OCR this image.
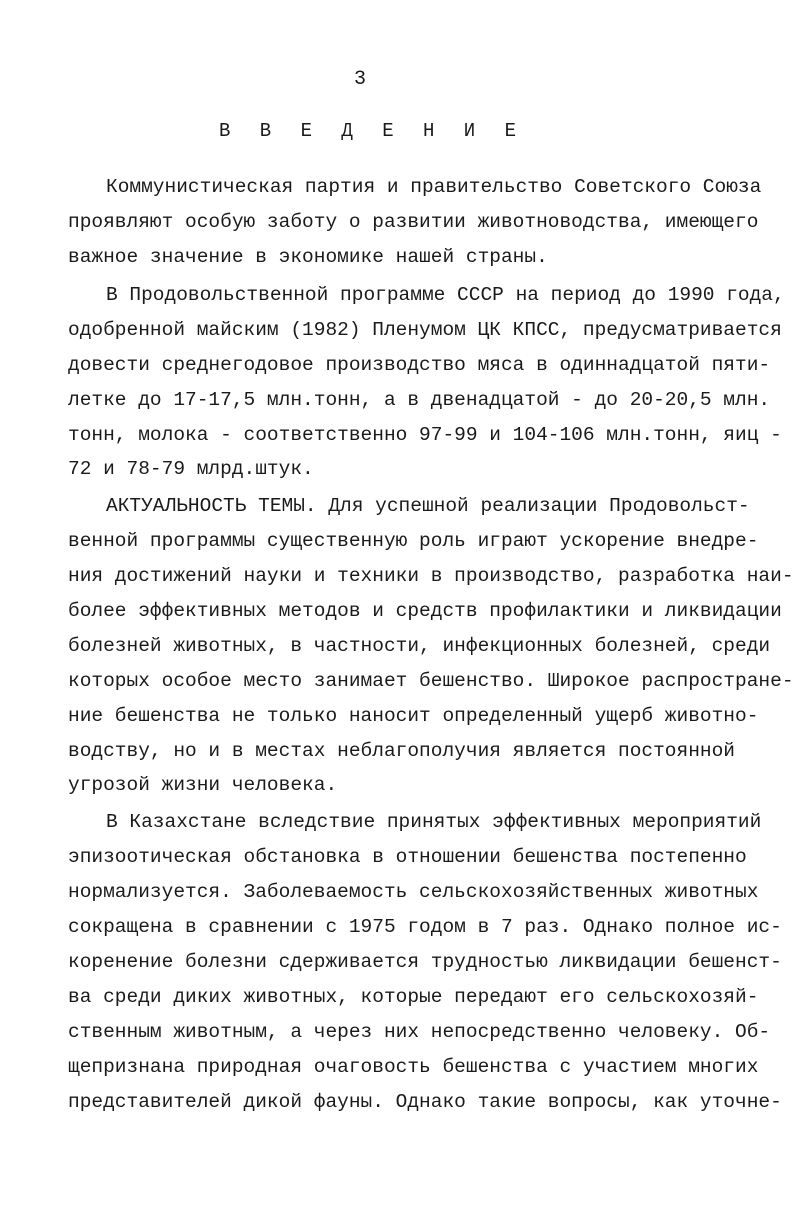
3
В В Е Д Е Н И Е
Коммунистическая партия и правительство Советского Союза
проявляют особую заботу о развитии животноводства, имеющего
важное значение в экономике нашей страны.
В Продовольственной программе СССР на период до 1990 года,
одобренной майским (1982) Пленумом ЦК КПСС, предусматривается
довести среднегодовое производство мяса в одиннадцатой пяти-
летке до 17-17,5 млн.тонн, а в двенадцатой - до 20-20,5 млн.
тонн, молока - соответственно 97-99 и 104-106 млн.тонн, яиц -
72 и 78-79 млрд.штук.
АКТУАЛЬНОСТЬ ТЕМЫ. Для успешной реализации Продовольст-
венной программы существенную роль играют ускорение внедре-
ния достижений науки и техники в производство, разработка наи-
более эффективных методов и средств профилактики и ликвидации
болезней животных, в частности, инфекционных болезней, среди
которых особое место занимает бешенство. Широкое распростране-
ние бешенства не только наносит определенный ущерб животно-
водству, но и в местах неблагополучия является постоянной
угрозой жизни человека.
В Казахстане вследствие принятых эффективных мероприятий
эпизоотическая обстановка в отношении бешенства постепенно
нормализуется. Заболеваемость сельскохозяйственных животных
сокращена в сравнении с 1975 годом в 7 раз. Однако полное ис-
коренение болезни сдерживается трудностью ликвидации бешенст-
ва среди диких животных, которые передают его сельскохозяй-
ственным животным, а через них непосредственно человеку. Об-
щепризнана природная очаговость бешенства с участием многих
представителей дикой фауны. Однако такие вопросы, как уточне-
